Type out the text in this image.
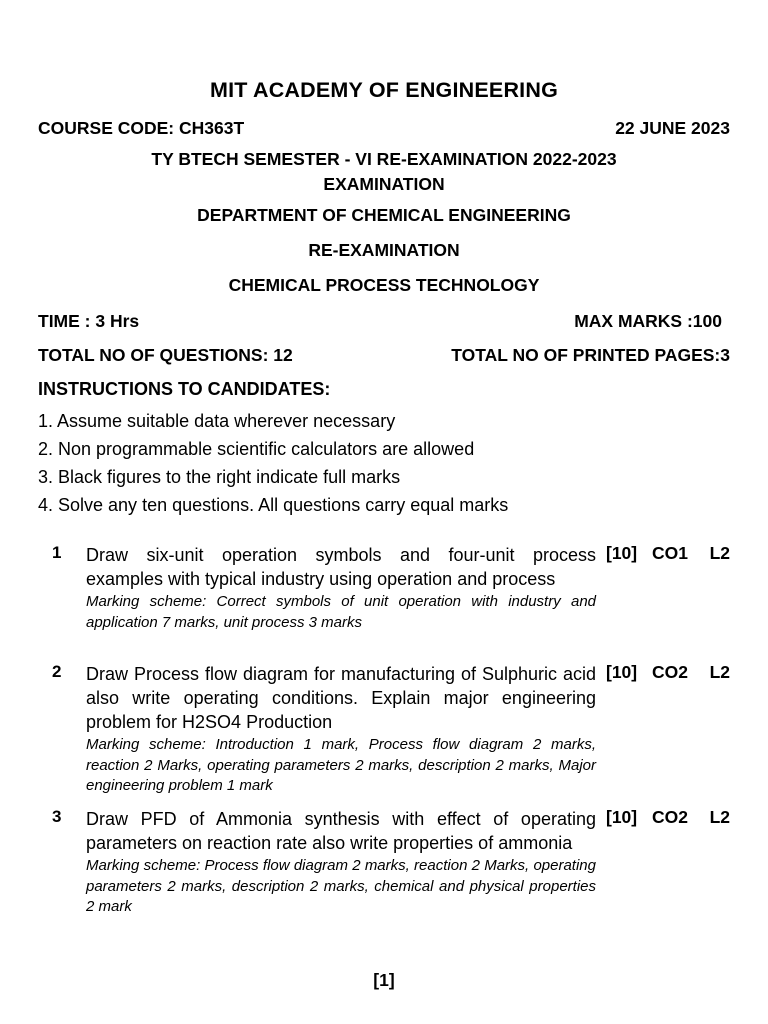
MIT ACADEMY OF ENGINEERING
COURSE CODE: CH363T	22 JUNE 2023
TY BTECH SEMESTER - VI RE-EXAMINATION 2022-2023
EXAMINATION
DEPARTMENT OF CHEMICAL ENGINEERING
RE-EXAMINATION
CHEMICAL PROCESS TECHNOLOGY
TIME : 3 Hrs	MAX MARKS :100
TOTAL NO OF QUESTIONS: 12	TOTAL NO OF PRINTED PAGES:3
INSTRUCTIONS TO CANDIDATES:
1. Assume suitable data wherever necessary
2. Non programmable scientific calculators are allowed
3. Black figures to the right indicate full marks
4. Solve any ten questions. All questions carry equal marks
1 Draw six-unit operation symbols and four-unit process examples with typical industry using operation and process
Marking scheme: Correct symbols of unit operation with industry and application 7 marks, unit process 3 marks
[10] CO1 L2
2 Draw Process flow diagram for manufacturing of Sulphuric acid also write operating conditions. Explain major engineering problem for H2SO4 Production
Marking scheme: Introduction 1 mark, Process flow diagram 2 marks, reaction 2 Marks, operating parameters 2 marks, description 2 marks, Major engineering problem 1 mark
[10] CO2 L2
3 Draw PFD of Ammonia synthesis with effect of operating parameters on reaction rate also write properties of ammonia
Marking scheme: Process flow diagram 2 marks, reaction 2 Marks, operating parameters 2 marks, description 2 marks, chemical and physical properties 2 mark
[10] CO2 L2
[1]
